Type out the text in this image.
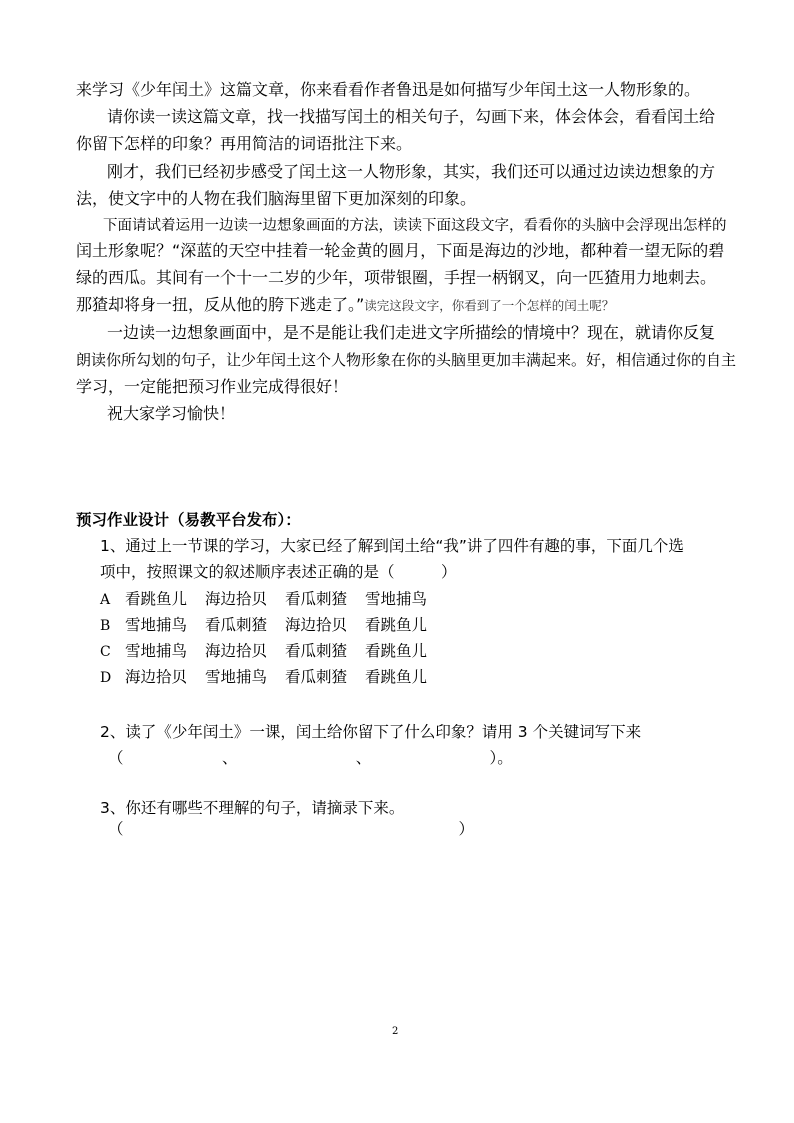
来学习《少年闰土》这篇文章，你来看看作者鲁迅是如何描写少年闰土这一人物形象的。
请你读一读这篇文章，找一找描写闰土的相关句子，勾画下来，体会体会，看看闰土给
你留下怎样的印象？再用简洁的词语批注下来。
刚才，我们已经初步感受了闰土这一人物形象，其实，我们还可以通过边读边想象的方
法，使文字中的人物在我们脑海里留下更加深刻的印象。
下面请试着运用一边读一边想象画面的方法，读读下面这段文字，看看你的头脑中会浮现出怎样的
闰土形象呢？“深蓝的天空中挂着一轮金黄的圆月，下面是海边的沙地，都种着一望无际的碧
绿的西瓜。其间有一个十一二岁的少年，项带银圈，手捏一柄钢叉，向一匹猹用力地刺去。
那猹却将身一扭，反从他的胯下逃走了。”读完这段文字，你看到了一个怎样的闰土呢？
一边读一边想象画面中，是不是能让我们走进文字所描绘的情境中？现在，就请你反复
朗读你所勾划的句子，让少年闰土这个人物形象在你的头脑里更加丰满起来。好，相信通过你的自主
学习，一定能把预习作业完成得很好！
祝大家学习愉快！
预习作业设计（易教平台发布）：
1、通过上一节课的学习，大家已经了解到闰土给“我”讲了四件有趣的事，下面几个选
项中，按照课文的叙述顺序表述正确的是（　　　）
A 看跳鱼儿 海边拾贝 看瓜刺猹雪地捕鸟
B 雪地捕鸟 看瓜刺猹 海边拾贝 看跳鱼儿
C 雪地捕鸟 海边拾贝 看瓜刺猹 看跳鱼儿
D 海边拾贝 雪地捕鸟 看瓜刺猹 看跳鱼儿
2、读了《少年闰土》一课，闰土给你留下了什么印象？请用 3 个关键词写下来
（                    、                        、                        ）。
3、你还有哪些不理解的句子，请摘录下来。
（                                                                    ）
2
